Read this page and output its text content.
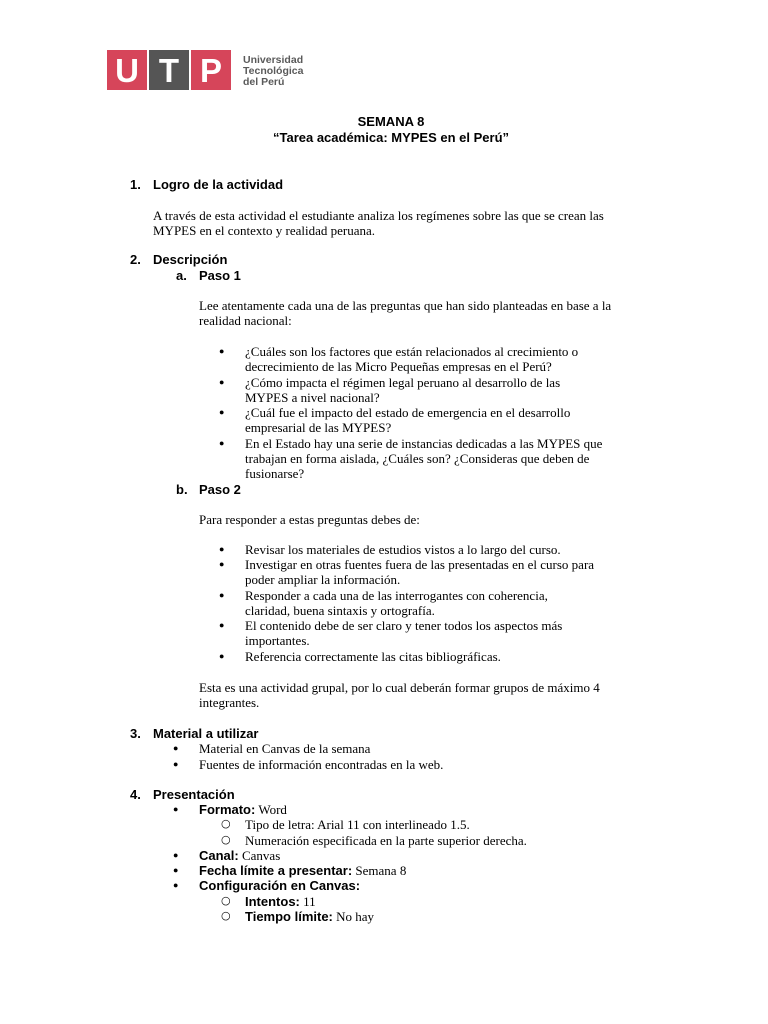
U T P	Universidad
Tecnológica
del Perú
SEMANA 8
“Tarea académica: MYPES en el Perú”
1. Logro de la actividad
A través de esta actividad el estudiante analiza los regímenes sobre las que se crean las
MYPES en el contexto y realidad peruana.
2. Descripción
a. Paso 1
Lee atentamente cada una de las preguntas que han sido planteadas en base a la
realidad nacional:
● ¿Cuáles son los factores que están relacionados al crecimiento o
decrecimiento de las Micro Pequeñas empresas en el Perú?
● ¿Cómo impacta el régimen legal peruano al desarrollo de las
MYPES a nivel nacional?
● ¿Cuál fue el impacto del estado de emergencia en el desarrollo
empresarial de las MYPES?
● En el Estado hay una serie de instancias dedicadas a las MYPES que
trabajan en forma aislada, ¿Cuáles son? ¿Consideras que deben de
fusionarse?
b. Paso 2
Para responder a estas preguntas debes de:
● Revisar los materiales de estudios vistos a lo largo del curso.
● Investigar en otras fuentes fuera de las presentadas en el curso para
poder ampliar la información.
● Responder a cada una de las interrogantes con coherencia,
claridad, buena sintaxis y ortografía.
● El contenido debe de ser claro y tener todos los aspectos más
importantes.
● Referencia correctamente las citas bibliográficas.
Esta es una actividad grupal, por lo cual deberán formar grupos de máximo 4
integrantes.
3. Material a utilizar
● Material en Canvas de la semana
● Fuentes de información encontradas en la web.
4. Presentación
● Formato: Word
○ Tipo de letra: Arial 11 con interlineado 1.5.
○ Numeración especificada en la parte superior derecha.
● Canal: Canvas
● Fecha límite a presentar: Semana 8
● Configuración en Canvas:
○ Intentos: 11
○ Tiempo límite: No hay
